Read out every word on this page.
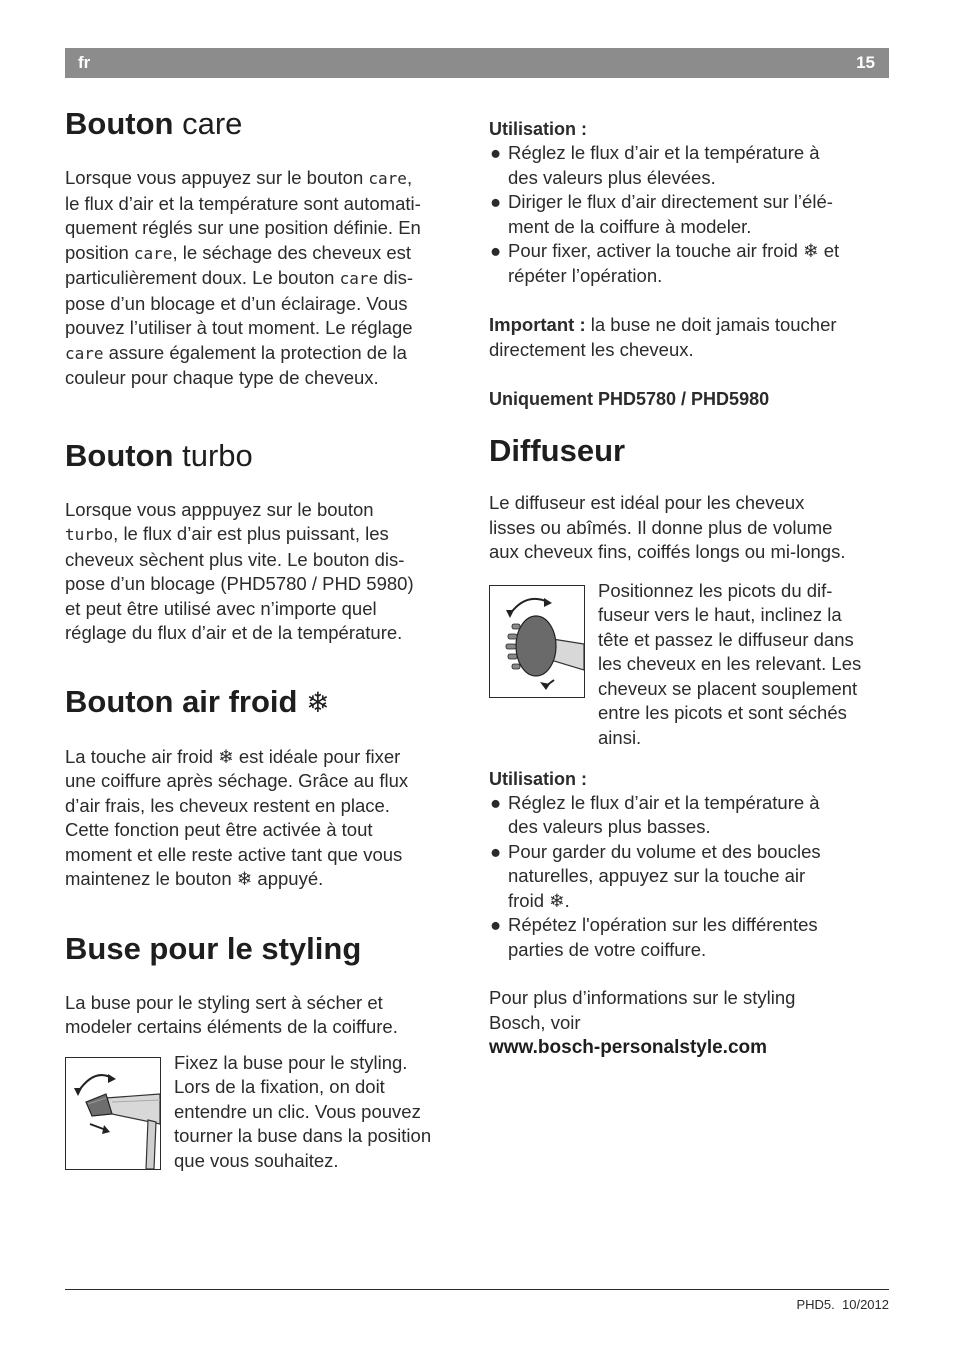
fr	15
Bouton care

Lorsque vous appuyez sur le bouton care,
le flux d’air et la température sont automati-
quement réglés sur une position définie. En
position care, le séchage des cheveux est
particulièrement doux. Le bouton care dis-
pose d’un blocage et d’un éclairage. Vous
pouvez l’utiliser à tout moment. Le réglage
care assure également la protection de la
couleur pour chaque type de cheveux.

Bouton turbo

Lorsque vous apppuyez sur le bouton
turbo, le flux d’air est plus puissant, les
cheveux sèchent plus vite. Le bouton dis-
pose d’un blocage (PHD5780 / PHD 5980)
et peut être utilisé avec n’importe quel
réglage du flux d’air et de la température.

Bouton air froid ❄

La touche air froid ❄ est idéale pour fixer
une coiffure après séchage. Grâce au flux
d’air frais, les cheveux restent en place.
Cette fonction peut être activée à tout
moment et elle reste active tant que vous
maintenez le bouton ❄ appuyé.

Buse pour le styling

La buse pour le styling sert à sécher et
modeler certains éléments de la coiffure.

Fixez la buse pour le styling.
Lors de la fixation, on doit
entendre un clic. Vous pouvez
tourner la buse dans la position
que vous souhaitez.

Utilisation :
● Réglez le flux d’air et la température à
des valeurs plus élevées.
● Diriger le flux d’air directement sur l’élé-
ment de la coiffure à modeler.
● Pour fixer, activer la touche air froid ❄ et
répéter l’opération.

Important : la buse ne doit jamais toucher
directement les cheveux.

Uniquement PHD5780 / PHD5980
Diffuseur

Le diffuseur est idéal pour les cheveux
lisses ou abîmés. Il donne plus de volume
aux cheveux fins, coiffés longs ou mi-longs.

Positionnez les picots du dif-
fuseur vers le haut, inclinez la
tête et passez le diffuseur dans
les cheveux en les relevant. Les
cheveux se placent souplement
entre les picots et sont séchés
ainsi.

Utilisation :
● Réglez le flux d’air et la température à
des valeurs plus basses.
● Pour garder du volume et des boucles
naturelles, appuyez sur la touche air
froid ❄.
● Répétez l'opération sur les différentes
parties de votre coiffure.

Pour plus d’informations sur le styling
Bosch, voir

www.bosch-personalstyle.com
PHD5. 10/2012
